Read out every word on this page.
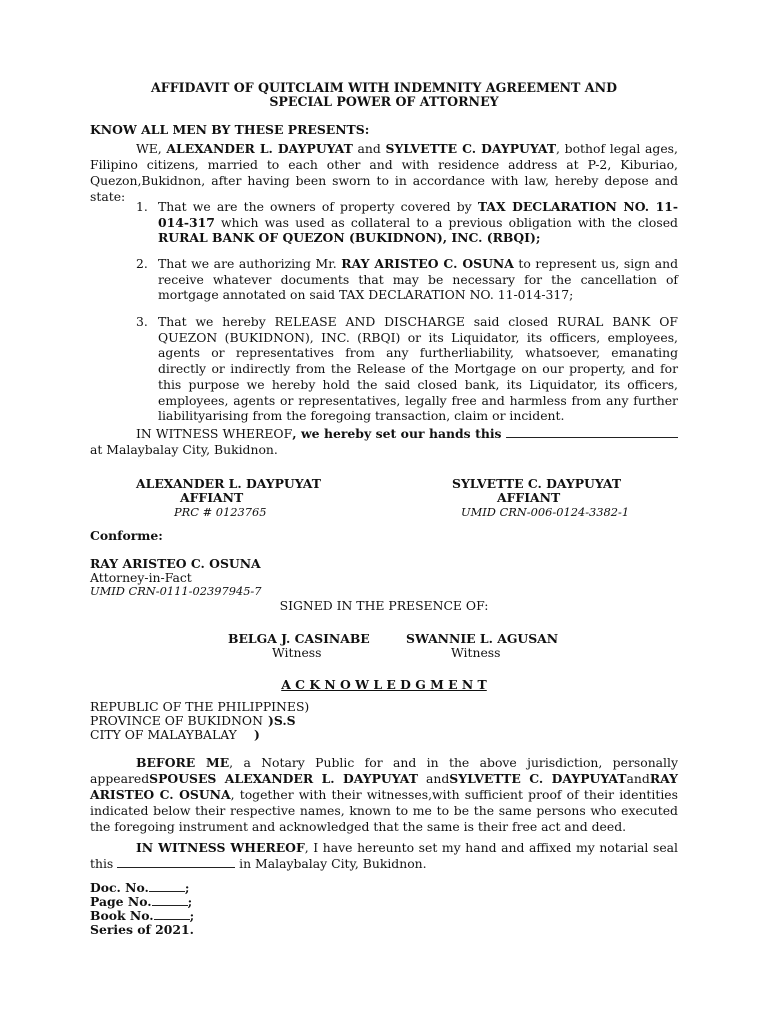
AFFIDAVIT OF QUITCLAIM WITH INDEMNITY AGREEMENT AND
SPECIAL POWER OF ATTORNEY
KNOW ALL MEN BY THESE PRESENTS:
WE, ALEXANDER L. DAYPUYAT and SYLVETTE C. DAYPUYAT, bothof legal ages, Filipino citizens, married to each other and with residence address at P-2, Kiburiao, Quezon,Bukidnon, after having been sworn to in accordance with law, hereby depose and state:
1. That we are the owners of property covered by TAX DECLARATION NO. 11-014-317 which was used as collateral to a previous obligation with the closed RURAL BANK OF QUEZON (BUKIDNON), INC. (RBQI);
2. That we are authorizing Mr. RAY ARISTEO C. OSUNA to represent us, sign and receive whatever documents that may be necessary for the cancellation of mortgage annotated on said TAX DECLARATION NO. 11-014-317;
3. That we hereby RELEASE AND DISCHARGE said closed RURAL BANK OF QUEZON (BUKIDNON), INC. (RBQI) or its Liquidator, its officers, employees, agents or representatives from any furtherliability, whatsoever, emanating directly or indirectly from the Release of the Mortgage on our property, and for this purpose we hereby hold the said closed bank, its Liquidator, its officers, employees, agents or representatives, legally free and harmless from any further liabilityarising from the foregoing transaction, claim or incident.
IN WITNESS WHEREOF, we hereby set our hands this  at Malaybalay City, Bukidnon.
ALEXANDER L. DAYPUYAT
AFFIANT
PRC # 0123765
SYLVETTE C. DAYPUYAT
AFFIANT
UMID CRN-006-0124-3382-1
Conforme:
RAY ARISTEO C. OSUNA
Attorney-in-Fact
UMID CRN-0111-02397945-7
SIGNED IN THE PRESENCE OF:
BELGA J. CASINABE
Witness
SWANNIE L. AGUSAN
Witness
A C K N O W L E D G M E N T
REPUBLIC OF THE PHILIPPINES)
PROVINCE OF BUKIDNON )S.S
CITY OF MALAYBALAY )
BEFORE ME, a Notary Public for and in the above jurisdiction, personally appearedSPOUSES ALEXANDER L. DAYPUYAT andSYLVETTE C. DAYPUYATandRAY ARISTEO C. OSUNA, together with their witnesses,with sufficient proof of their identities indicated below their respective names, known to me to be the same persons who executed the foregoing instrument and acknowledged that the same is their free act and deed.
IN WITNESS WHEREOF, I have hereunto set my hand and affixed my notarial seal this	in Malaybalay City, Bukidnon.
Doc. No.	;
Page No.	;
Book No.	;
Series of 2021.
